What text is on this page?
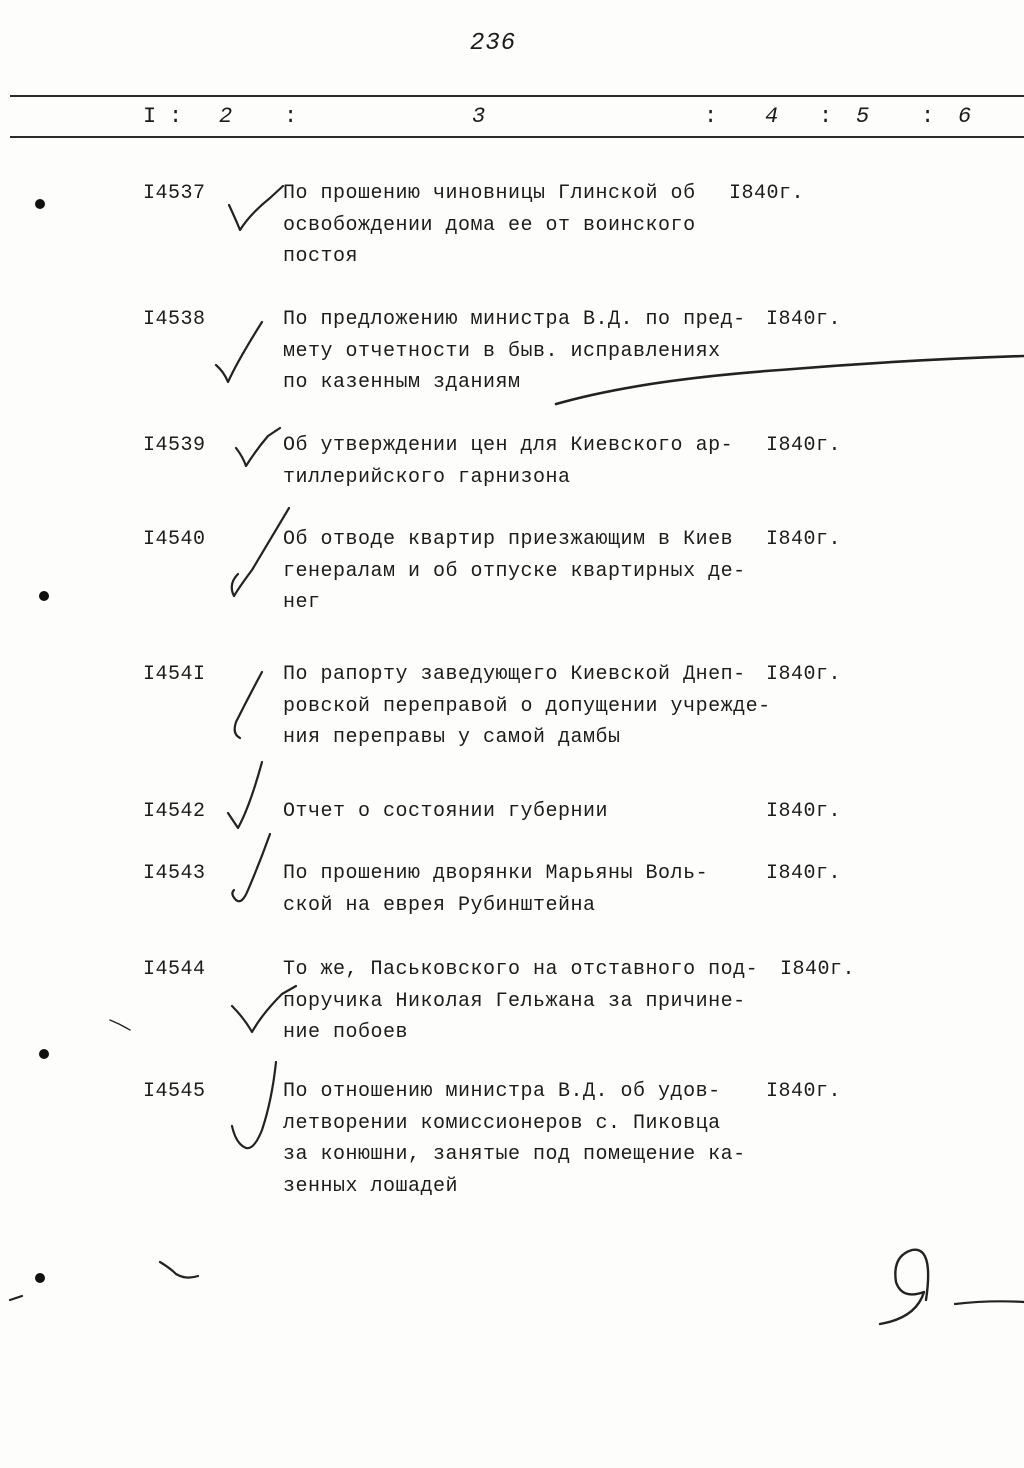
236
I : 2 :	3	: 4 : 5 : 6
I4537	По прошению чиновницы Глинской об
освобождении дома ее от воинского
постоя
I840г.
I4538	По предложению министра В.Д. по пред-
мету отчетности в быв. исправлениях
по казенным зданиям
I840г.
I4539	Об утверждении цен для Киевского ар-
тиллерийского гарнизона
I840г.
I4540	Об отводе квартир приезжающим в Киев
генералам и об отпуске квартирных де-
нег
I840г.
I454I	По рапорту заведующего Киевской Днеп-
ровской переправой о допущении учрежде-
ния переправы у самой дамбы
I840г.
I4542	Отчет о состоянии губернии	I840г.
I4543	По прошению дворянки Марьяны Воль-
ской на еврея Рубинштейна
I840г.
I4544	То же, Паськовского на отставного под-
поручика Николая Гельжана за причине-
ние побоев
I840г.
I4545	По отношению министра В.Д. об удов-
летворении комиссионеров с. Пиковца
за конюшни, занятые под помещение ка-
зенных лошадей
I840г.
